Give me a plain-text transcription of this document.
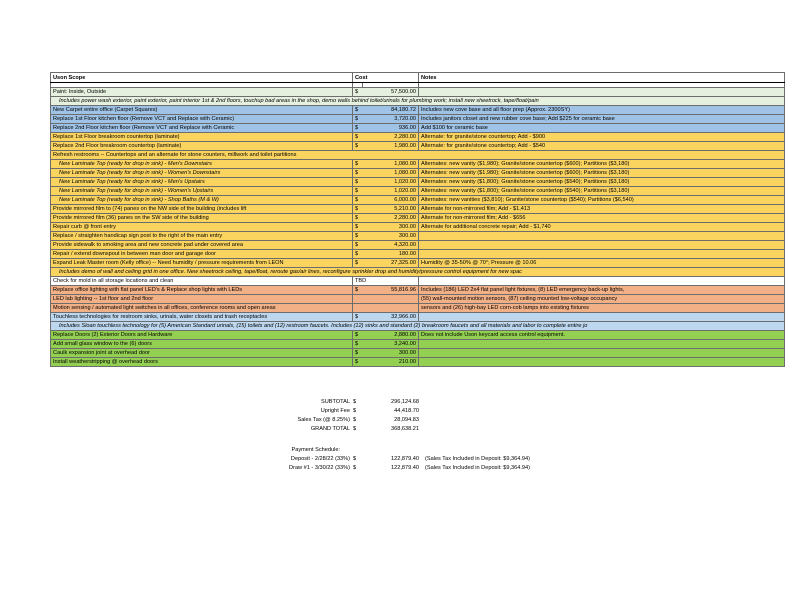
Uson Scope	Cost		Notes

Paint: Inside, Outside	$	57,500.00	
Includes power wash exterior, paint exterior, paint interior 1st & 2nd floors, touchup bad areas in the shop, demo walls behind toilet/urinals for plumbing work; install new sheetrock, tape/float/pain			
New Carpet entire office (Carpet Squares)	$	84,180.72	Includes new cove base and all floor prep (Approx. 2300SY)
Replace 1st Floor kitchen floor (Remove VCT and Replace with Ceramic)	$	3,720.00	Includes janitors closet and new rubber cove base; Add $225 for ceramic base
Replace 2nd Floor kitchen floor (Remove VCT and Replace with Ceramic	$	936.00	Add $100 for ceramic base
Replace 1st Floor breakroom countertop (laminate)	$	2,280.00	Alternate: for granite/stone countertop; Add - $900
Replace 2nd Floor breakroom countertop (laminate)	$	1,980.00	Alternate: for granite/stone countertop; Add - $540
Refresh restrooms -- Countertops and an alternate for stone counters, millwork and toilet partitions			
New Laminate Top (ready for drop in sink) - Men's Downstairs	$	1,080.00	Alternates: new vanity ($1,980); Granite/stone countertop ($600); Partitions ($3,180)
New Laminate Top (ready for drop in sink) - Women's Downstairs	$	1,080.00	Alternates: new vanity ($1,980); Granite/stone countertop ($600); Partitions ($3,180)
New Laminate Top (ready for drop in sink) - Men's Upstairs	$	1,020.00	Alternates: new vanity ($1,800); Granite/stone countertop ($540); Partitions ($3,180)
New Laminate Top (ready for drop in sink) - Women's Upstairs	$	1,020.00	Alternates: new vanity ($1,800); Granite/stone countertop ($540); Partitions ($3,180)
New Laminate Top (ready for drop in sink) - Shop Baths (M & W)	$	6,000.00	Alternates: new vanities ($3,810); Granite/stone countertop ($540); Partitions ($6,540)
Provide mirrored film to (74) panes on the NW side of the building (includes lift	$	5,210.00	Alternate for non-mirrored film; Add - $1,413
Provide mirrored film (36) panes on the SW side of the building	$	2,280.00	Alternate for non-mirrored film; Add - $656
Repair curb @ front entry	$	300.00	Alternate for additional concrete repair; Add - $1,740
Replace / straighten handicap sign post to the right of the main entry	$	300.00	
Provide sidewalk to smoking area and new concrete pad under covered area	$	4,320.00	
Repair / extend downspout in between man door and garage door	$	180.00	
Expand Leak Master room (Kelly office) -- Need humidity / pressure requirements from LEON	$	27,325.00	Humidity @ 35-50% @ 70°; Pressure @ 10.06
Includes demo of wall and ceiling grid in one office. New sheetrock ceiling, tape/float, reroute gas/air lines, reconfigure sprinkler drop and humidity/pressure control equipment for new spac			
Check for mold in all storage locations and clean	TBD		
Replace office lighting with flat panel LED's & Replace shop lights with LEDs	$	55,816.96	Includes (186) LED 2x4 flat panel light fixtures, (8) LED emergency back-up lights,
LED lab lighting -- 1st floor and 2nd floor			(55) wall-mounted motion sensors, (87) ceiling mounted low-voltage occupancy
Motion sensing / automated light switches in all offices, conference rooms and open areas			sensors and (26) high-bay LED corn-cob lamps into existing fixtures
Touchless technologies for restroom sinks, urinals, water closets and trash receptacles	$	32,966.00	
Includes Sloan touchless technology for (5) American Standard urinals, (15) toilets and (12) restroom faucets. Includes (12) sinks and standard (2) breakroom faucets and all materials and labor to complete entire jo			
Replace Doors (2) Exterior Doors and Hardware	$	2,880.00	Does not include Uson keycard access control equipment.
Add small glass window to the (6) doors	$	3,240.00	
Caulk expansion joint at overhead door	$	300.00	
Install weatherstripping @ overhead doors	$	210.00	
SUBTOTAL $	296,124.68
Upright Fee $	44,418.70
Sales Tax (@ 8.25%) $	28,094.83
GRAND TOTAL $	368,638.21
Payment Schedule:
Deposit - 2/28/22 (33%) $	122,879.40	(Sales Tax Included in Deposit: $9,364.94)
Draw #1 - 3/30/22 (33%) $	122,879.40	(Sales Tax Included in Deposit: $9,364.94)
